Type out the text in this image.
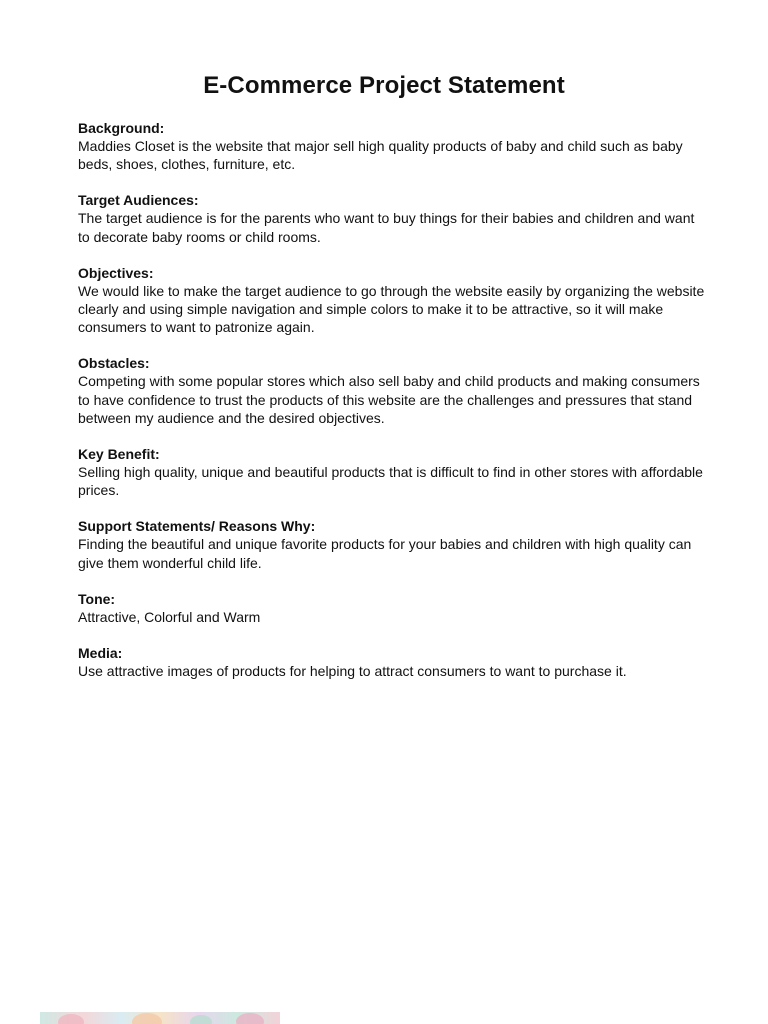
E-Commerce Project Statement

Background:

Maddies Closet is the website that major sell high quality products of baby and child such as baby beds, shoes, clothes, furniture, etc.

Target Audiences:

The target audience is for the parents who want to buy things for their babies and children and want to decorate baby rooms or child rooms.

Objectives:

We would like to make the target audience to go through the website easily by organizing the website clearly and using simple navigation and simple colors to make it to be attractive, so it will make consumers to want to patronize again.

Obstacles:

Competing with some popular stores which also sell baby and child products and making consumers to have confidence to trust the products of this website are the challenges and pressures that stand between my audience and the desired objectives.

Key Benefit:

Selling high quality, unique and beautiful products that is difficult to find in other stores with affordable prices.

Support Statements/ Reasons Why:

Finding the beautiful and unique favorite products for your babies and children with high quality can give them wonderful child life.

Tone:

Attractive, Colorful and Warm

Media:

Use attractive images of products for helping to attract consumers to want to purchase it.
